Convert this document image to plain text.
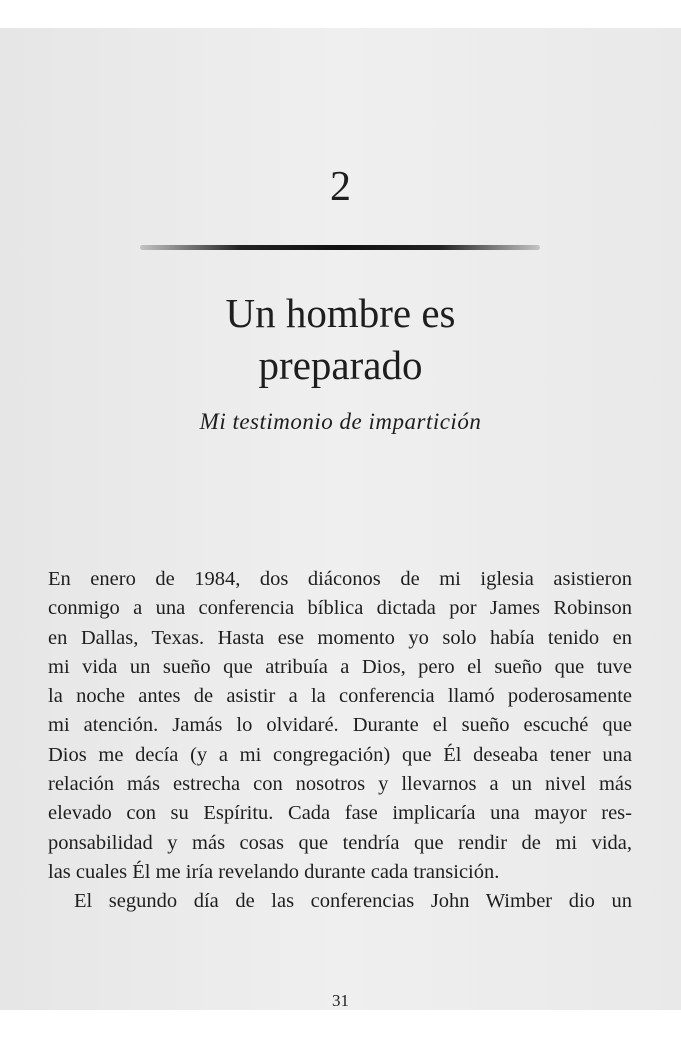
2
Un hombre es
preparado
Mi testimonio de impartición
En enero de 1984, dos diáconos de mi iglesia asistieron
conmigo a una conferencia bíblica dictada por James Robinson
en Dallas, Texas. Hasta ese momento yo solo había tenido en
mi vida un sueño que atribuía a Dios, pero el sueño que tuve
la noche antes de asistir a la conferencia llamó poderosamente
mi atención. Jamás lo olvidaré. Durante el sueño escuché que
Dios me decía (y a mi congregación) que Él deseaba tener una
relación más estrecha con nosotros y llevarnos a un nivel más
elevado con su Espíritu. Cada fase implicaría una mayor res-
ponsabilidad y más cosas que tendría que rendir de mi vida,
las cuales Él me iría revelando durante cada transición.
El segundo día de las conferencias John Wimber dio un
31
